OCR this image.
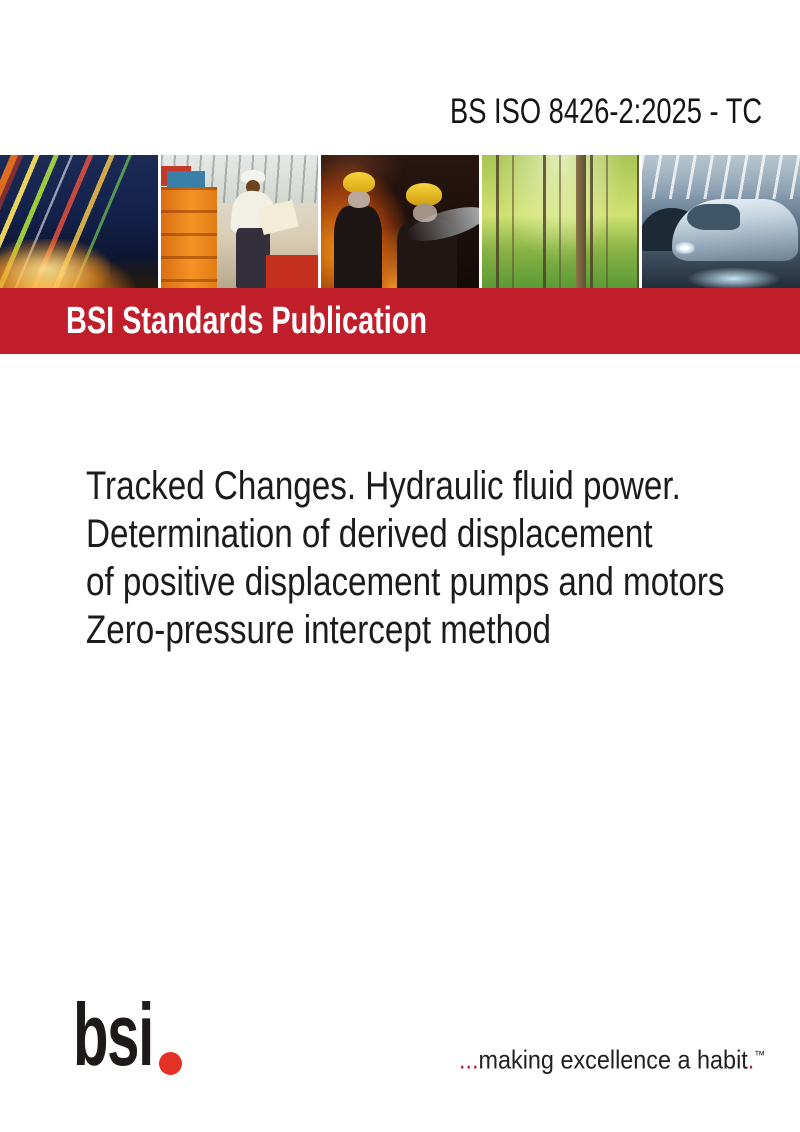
BS ISO 8426-2:2025 - TC
BSI Standards Publication
Tracked Changes. Hydraulic fluid power.
Determination of derived displacement
of positive displacement pumps and motors
Zero-pressure intercept method
bsi	...making excellence a habit.™
